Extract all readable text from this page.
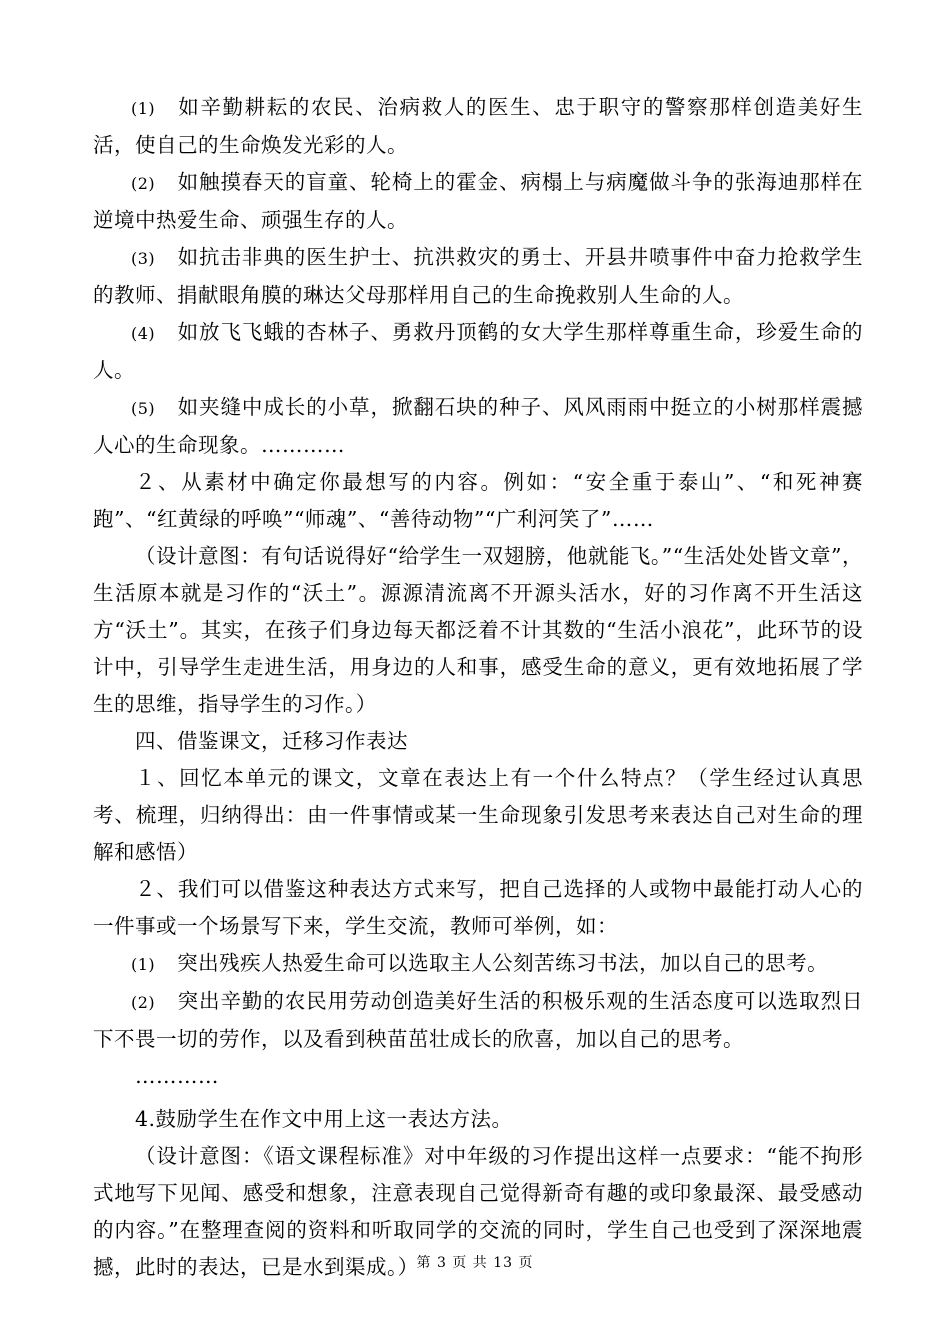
(1) 如辛勤耕耘的农民、治病救人的医生、忠于职守的警察那样创造美好生活，使自己的生命焕发光彩的人。

(2) 如触摸春天的盲童、轮椅上的霍金、病榻上与病魔做斗争的张海迪那样在逆境中热爱生命、顽强生存的人。

(3) 如抗击非典的医生护士、抗洪救灾的勇士、开县井喷事件中奋力抢救学生的教师、捐献眼角膜的琳达父母那样用自己的生命挽救别人生命的人。

(4) 如放飞飞蛾的杏林子、勇救丹顶鹤的女大学生那样尊重生命，珍爱生命的人。

(5) 如夹缝中成长的小草，掀翻石块的种子、风风雨雨中挺立的小树那样震撼人心的生命现象。…………

２、从素材中确定你最想写的内容。例如：“安全重于泰山”、“和死神赛跑”、“红黄绿的呼唤”“师魂”、“善待动物”“广利河笑了”……

（设计意图：有句话说得好“给学生一双翅膀，他就能飞。”“生活处处皆文章”，生活原本就是习作的“沃土”。源源清流离不开源头活水，好的习作离不开生活这方“沃土”。其实，在孩子们身边每天都泛着不计其数的“生活小浪花”，此环节的设计中，引导学生走进生活，用身边的人和事，感受生命的意义，更有效地拓展了学生的思维，指导学生的习作。）

四、借鉴课文，迁移习作表达

１、回忆本单元的课文，文章在表达上有一个什么特点？（学生经过认真思考、梳理，归纳得出：由一件事情或某一生命现象引发思考来表达自己对生命的理解和感悟）

２、我们可以借鉴这种表达方式来写，把自己选择的人或物中最能打动人心的一件事或一个场景写下来，学生交流，教师可举例，如：

(1) 突出残疾人热爱生命可以选取主人公刻苦练习书法，加以自己的思考。

(2) 突出辛勤的农民用劳动创造美好生活的积极乐观的生活态度可以选取烈日下不畏一切的劳作，以及看到秧苗茁壮成长的欣喜，加以自己的思考。

…………

4.鼓励学生在作文中用上这一表达方法。

（设计意图：《语文课程标准》对中年级的习作提出这样一点要求：“能不拘形式地写下见闻、感受和想象，注意表现自己觉得新奇有趣的或印象最深、最受感动的内容。”在整理查阅的资料和听取同学的交流的同时，学生自己也受到了深深地震撼，此时的表达，已是水到渠成。）

第 3 页 共 13 页
